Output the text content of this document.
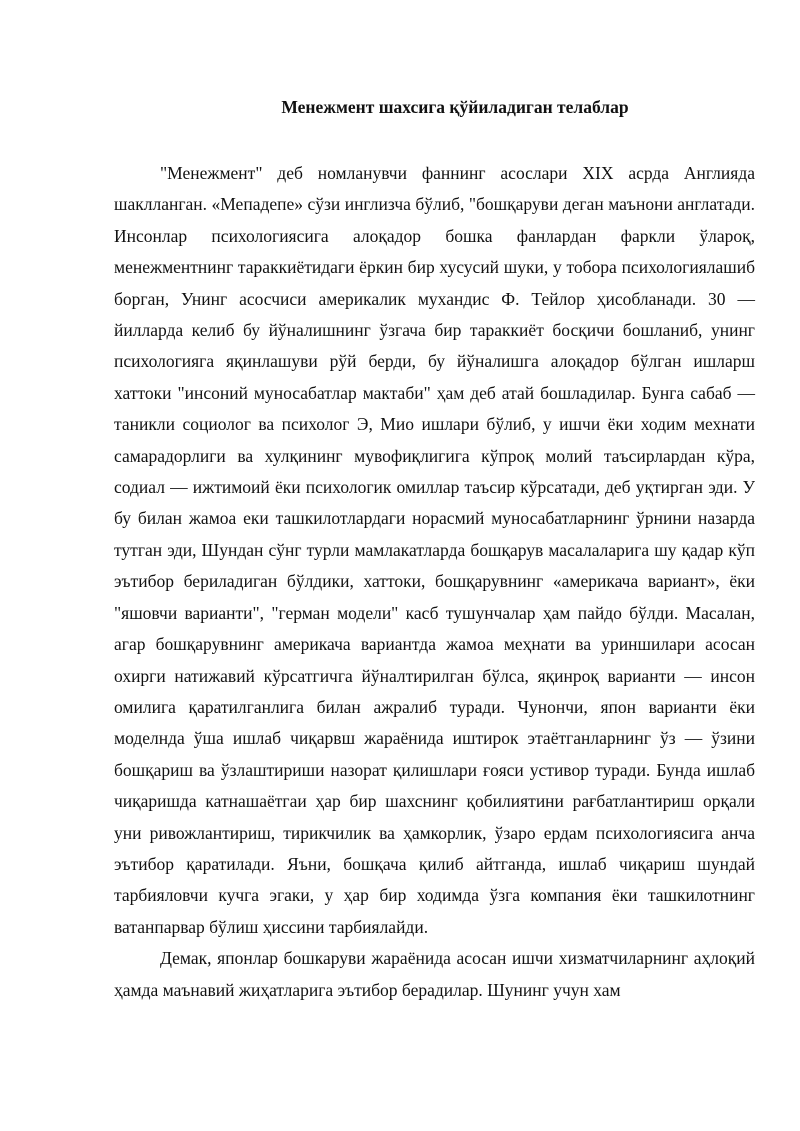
Менежмент шахсига қўйиладиган телаблар

"Менежмент" деб номланувчи фаннинг асослари XIX асрда Англияда шаклланган. «Мепадепе» сўзи инглизча бўлиб, "бошқаруви деган маънони англатади. Инсонлар психологиясига алоқадор бошка фанлардан фаркли ўлароқ, менежментнинг тараккиётидаги ёркин бир хусусий шуки, у тобора психологиялашиб борган, Унинг асосчиси америкалик мухандис Ф. Тейлор ҳисобланади. 30 — йилларда келиб бу йўналишнинг ўзгача бир тараккиёт босқичи бошланиб, унинг психологияга яқинлашуви рўй берди, бу йўналишга алоқадор бўлган ишларш хаттоки "инсоний муносабатлар мактаби" ҳам деб атай бошладилар. Бунга сабаб — таникли социолог ва психолог Э, Мио ишлари бўлиб, у ишчи ёки ходим мехнати самарадорлиги ва хулқининг мувофиқлигига кўпроқ молий таъсирлардан кўра, содиал — ижтимоий ёки психологик омиллар таъсир кўрсатади, деб уқтирган эди. У бу билан жамоа еки ташкилотлардаги норасмий муносабатларнинг ўрнини назарда тутган эди, Шундан сўнг турли мамлакатларда бошқарув масалаларига шу қадар кўп эътибор бериладиган бўлдики, хаттоки, бошқарувнинг «америкача вариант», ёки "яшовчи варианти", "герман модели" касб тушунчалар ҳам пайдо бўлди. Масалан, агар бошқарувнинг америкача вариантда жамоа меҳнати ва уриншилари асосан охирги натижавий кўрсатгичга йўналтирилган бўлса, яқинроқ варианти — инсон омилига қаратилганлига билан ажралиб туради. Чунончи, япон варианти ёки моделнда ўша ишлаб чиқарвш жараёнида иштирок этаётганларнинг ўз — ўзини бошқариш ва ўзлаштириши назорат қилишлари ғояси устивор туради. Бунда ишлаб чиқаришда катнашаётгаи ҳар бир шахснинг қобилиятини рағбатлантириш орқали уни ривожлантириш, тирикчилик ва ҳамкорлик, ўзаро ердам психологиясига анча эътибор қаратилади. Яъни, бошқача қилиб айтганда, ишлаб чиқариш шундай тарбияловчи кучга эгаки, у ҳар бир ходимда ўзга компания ёки ташкилотнинг ватанпарвар бўлиш ҳиссини тарбиялайди.

Демак, японлар бошкаруви жараёнида асосан ишчи хизматчиларнинг аҳлоқий ҳамда маънавий жиҳатларига эътибор берадилар. Шунинг учун хам
